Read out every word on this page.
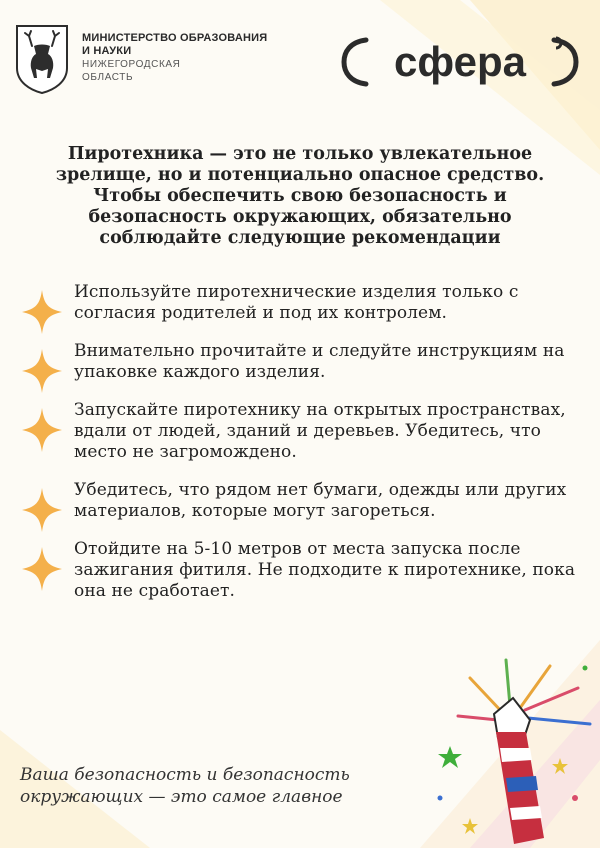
МИНИСТЕРСТВО ОБРАЗОВАНИЯ
И НАУКИ
НИЖЕГОРОДСКАЯ
ОБЛАСТЬ	сфера
Пиротехника — это не только увлекательное зрелище, но и потенциально опасное средство. Чтобы обеспечить свою безопасность и безопасность окружающих, обязательно соблюдайте следующие рекомендации
Используйте пиротехнические изделия только с согласия родителей и под их контролем.
Внимательно прочитайте и следуйте инструкциям на упаковке каждого изделия.
Запускайте пиротехнику на открытых пространствах, вдали от людей, зданий и деревьев. Убедитесь, что место не загромождено.
Убедитесь, что рядом нет бумаги, одежды или других материалов, которые могут загореться.
Отойдите на 5-10 метров от места запуска после зажигания фитиля. Не подходите к пиротехнике, пока она не сработает.
Ваша безопасность и безопасность окружающих — это самое главное
